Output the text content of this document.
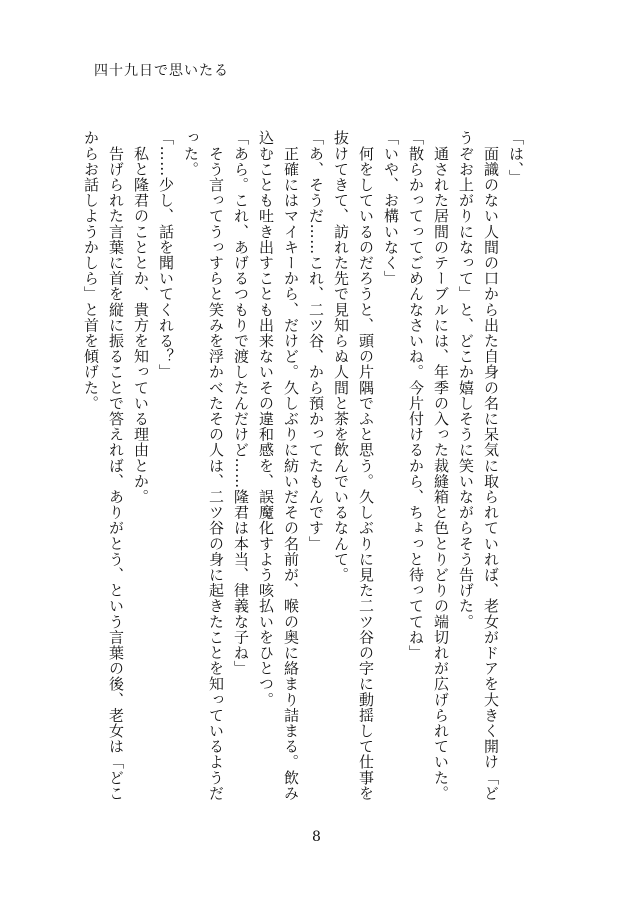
四十九日で思いたる

「は、」

　面識のない人間の口から出た自身の名に呆気に取られていれば、老女がドアを大きく開け「どうぞお上がりになって」と、どこか嬉しそうに笑いながらそう告げた。

　通された居間のテーブルには、年季の入った裁縫箱と色とりどりの端切れが広げられていた。

「散らかってってごめんなさいね。今片付けるから、ちょっと待っててね」

「いや、お構いなく」

　何をしているのだろうと、頭の片隅でふと思う。久しぶりに見た二ツ谷の字に動揺して仕事を抜けてきて、訪れた先で見知らぬ人間と茶を飲んでいるなんて。

「あ、そうだ……これ、二ツ谷、から預かってたもんです」

　正確にはマイキーから、だけど。久しぶりに紡いだその名前が、喉の奥に絡まり詰まる。飲み込むことも吐き出すことも出来ないその違和感を、誤魔化すよう咳払いをひとつ。

「あら。これ、あげるつもりで渡したんだけど……隆君は本当、律義な子ね」

　そう言ってうっすらと笑みを浮かべたその人は、二ツ谷の身に起きたことを知っているようだった。

「……少し、話を聞いてくれる？」

　私と隆君のこととか、貴方を知っている理由とか。

　告げられた言葉に首を縦に振ることで答えれば、ありがとう、という言葉の後、老女は「どこからお話しようかしら」と首を傾げた。

8
